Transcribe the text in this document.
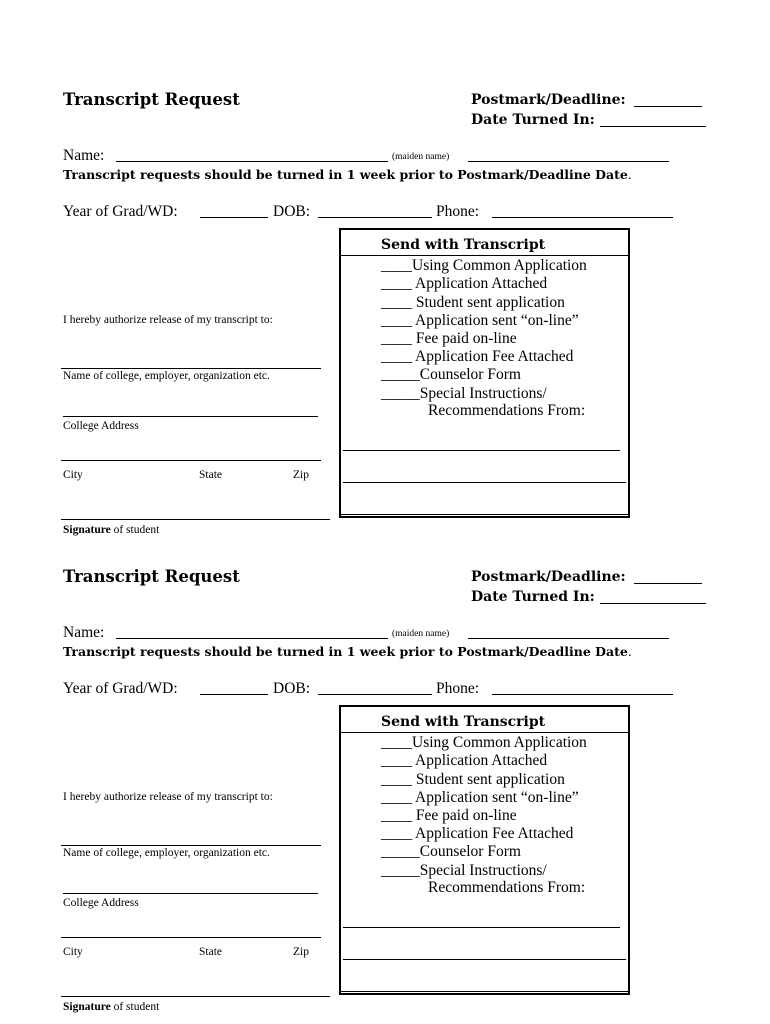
Transcript Request	Postmark/Deadline:
Date Turned In:
Name:	(maiden name)
Transcript requests should be turned in 1 week prior to Postmark/Deadline Date.
Year of Grad/WD:	DOB:	Phone:
I hereby authorize release of my transcript to:
Name of college, employer, organization etc.
College Address
City	State	Zip
Signature of student
Send with Transcript
____Using Common Application
____ Application Attached
____ Student sent application
____ Application sent “on-line”
____ Fee paid on-line
____ Application Fee Attached
_____Counselor Form
_____Special Instructions/
Recommendations From:
Transcript Request	Postmark/Deadline:
Date Turned In:
Name:	(maiden name)
Transcript requests should be turned in 1 week prior to Postmark/Deadline Date.
Year of Grad/WD:	DOB:	Phone:
I hereby authorize release of my transcript to:
Name of college, employer, organization etc.
College Address
City	State	Zip
Signature of student
Send with Transcript
____Using Common Application
____ Application Attached
____ Student sent application
____ Application sent “on-line”
____ Fee paid on-line
____ Application Fee Attached
_____Counselor Form
_____Special Instructions/
Recommendations From:
